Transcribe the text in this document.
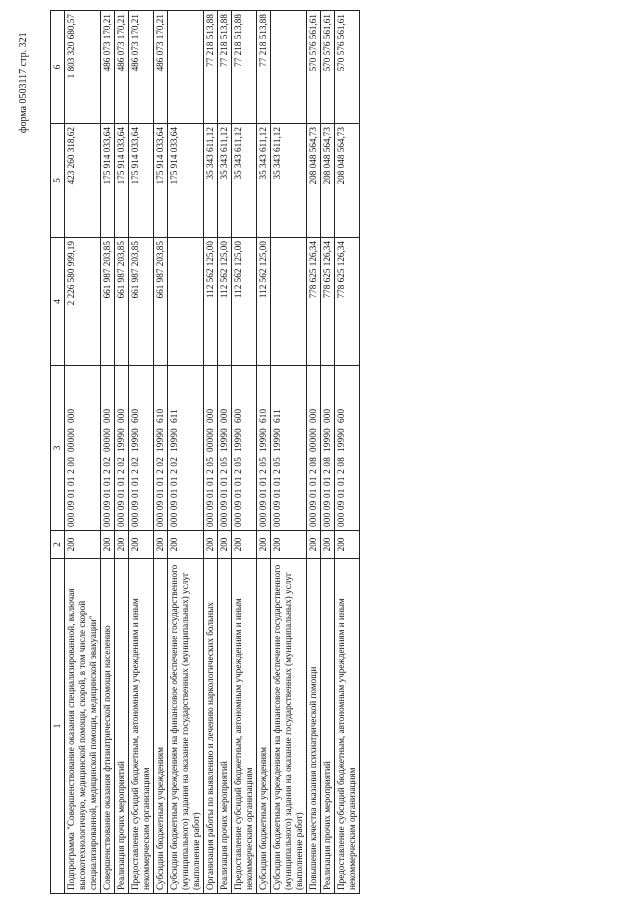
форма 0503117 стр. 321
1	2	3	4	5	6
Подпрограмма "Совершенствование оказания специализированной, включая высокотехнологичную, медицинской помощи, скорой, в том числе скорой специализированной, медицинской помощи, медицинской эвакуации"	200	000 09 01 01 2 00  00000  000	2 226 580 999,19	423 260 318,62	1 803 320 680,57
Совершенствование оказания фтизиатрической помощи населению	200	000 09 01 01 2 02  00000  000	661 987 203,85	175 914 033,64	486 073 170,21
Реализация прочих мероприятий	200	000 09 01 01 2 02  19990  000	661 987 203,85	175 914 033,64	486 073 170,21
Предоставление субсидий бюджетным, автономным учреждениям и иным некоммерческим организациям	200	000 09 01 01 2 02  19990  600	661 987 203,85	175 914 033,64	486 073 170,21
Субсидии бюджетным учреждениям	200	000 09 01 01 2 02  19990  610	661 987 203,85	175 914 033,64	486 073 170,21
Субсидии бюджетным учреждениям на финансовое обеспечение государственного (муниципального) задания на оказание государственных (муниципальных) услуг (выполнение работ)	200	000 09 01 01 2 02  19990  611		175 914 033,64	
Организация работы по выявлению и лечению наркологических больных	200	000 09 01 01 2 05  00000  000	112 562 125,00	35 343 611,12	77 218 513,88
Реализация прочих мероприятий	200	000 09 01 01 2 05  19990  000	112 562 125,00	35 343 611,12	77 218 513,88
Предоставление субсидий бюджетным, автономным учреждениям и иным некоммерческим организациям	200	000 09 01 01 2 05  19990  600	112 562 125,00	35 343 611,12	77 218 513,88
Субсидии бюджетным учреждениям	200	000 09 01 01 2 05  19990  610	112 562 125,00	35 343 611,12	77 218 513,88
Субсидии бюджетным учреждениям на финансовое обеспечение государственного (муниципального) задания на оказание государственных (муниципальных) услуг (выполнение работ)	200	000 09 01 01 2 05  19990  611		35 343 611,12	
Повышение качества оказания психиатрической помощи	200	000 09 01 01 2 08  00000  000	778 625 126,34	208 048 564,73	570 576 561,61
Реализация прочих мероприятий	200	000 09 01 01 2 08  19990  000	778 625 126,34	208 048 564,73	570 576 561,61
Предоставление субсидий бюджетным, автономным учреждениям и иным некоммерческим организациям	200	000 09 01 01 2 08  19990  600	778 625 126,34	208 048 564,73	570 576 561,61
